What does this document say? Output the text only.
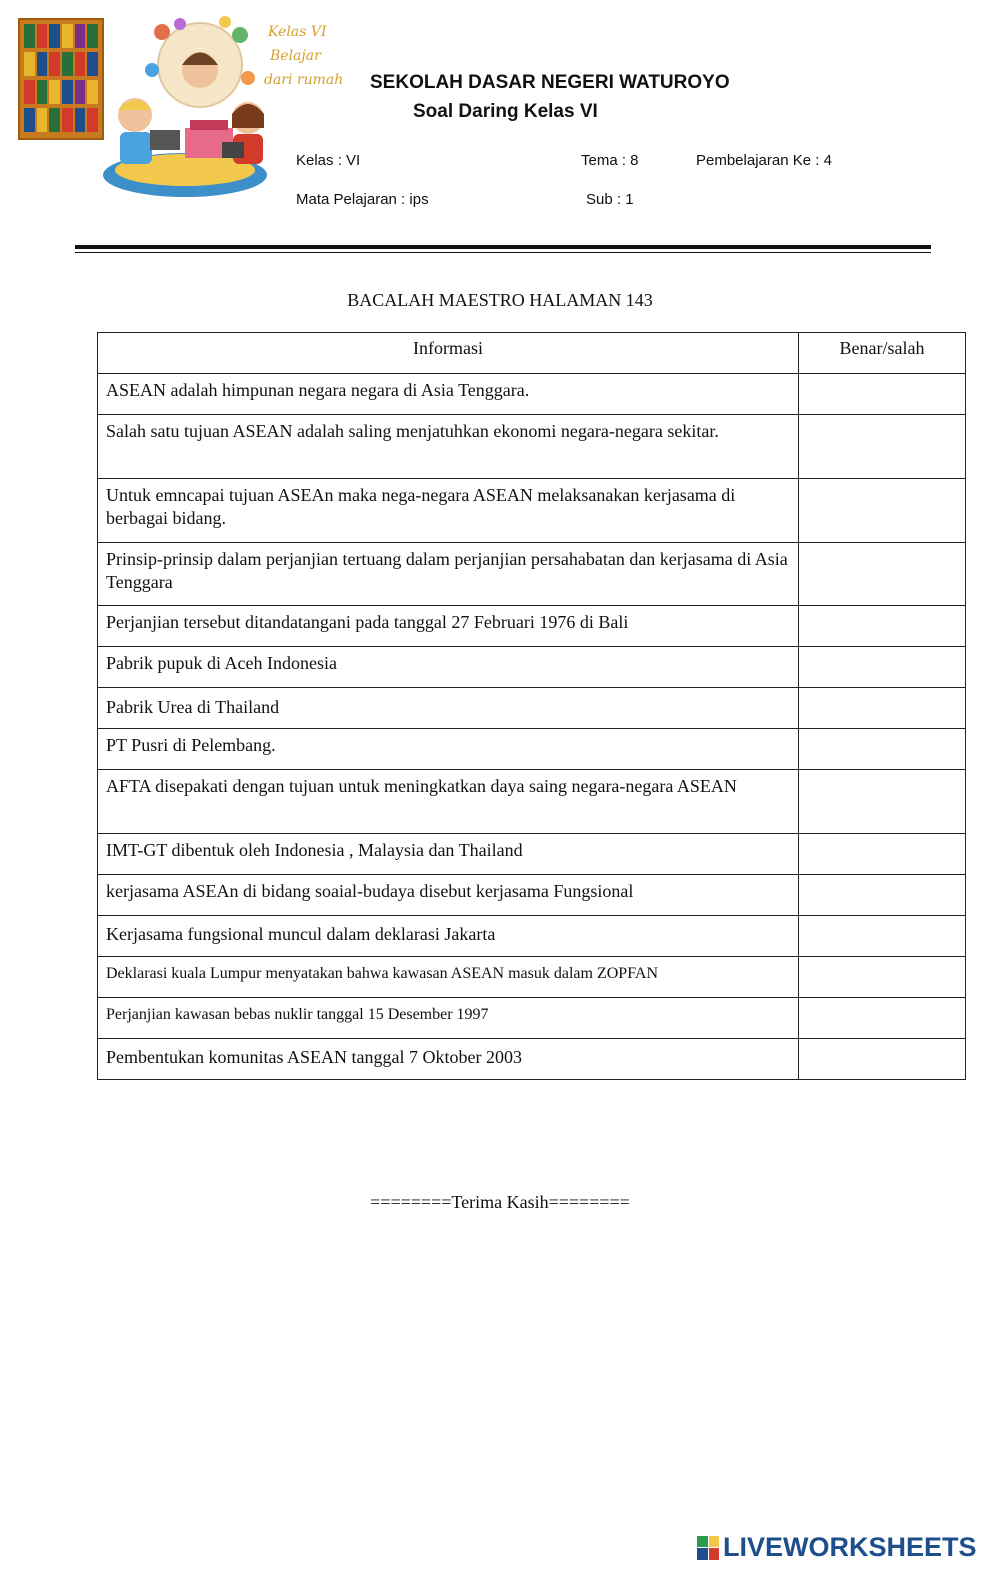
Kelas VI
Belajar
dari rumah SEKOLAH DASAR NEGERI WATUROYO
Soal Daring Kelas VI
Kelas : VI	Tema : 8	Pembelajaran Ke : 4
Mata Pelajaran : ips	Sub : 1
BACALAH MAESTRO HALAMAN 143
Informasi	Benar/salah
ASEAN adalah himpunan negara negara di Asia Tenggara.	
Salah satu tujuan ASEAN adalah saling menjatuhkan ekonomi negara-negara sekitar.	
Untuk emncapai tujuan ASEAn maka nega-negara ASEAN melaksanakan kerjasama di berbagai bidang.	
Prinsip-prinsip dalam perjanjian tertuang dalam perjanjian persahabatan dan kerjasama di Asia Tenggara	
Perjanjian tersebut ditandatangani pada tanggal 27 Februari 1976 di Bali	
Pabrik pupuk di Aceh Indonesia	
Pabrik Urea di Thailand	
PT Pusri di Pelembang.	
AFTA disepakati dengan tujuan untuk meningkatkan daya saing negara-negara ASEAN	
IMT-GT dibentuk oleh Indonesia , Malaysia dan Thailand	
kerjasama ASEAn di bidang soaial-budaya disebut kerjasama Fungsional	
Kerjasama fungsional muncul dalam deklarasi Jakarta	
Deklarasi kuala Lumpur menyatakan bahwa kawasan ASEAN masuk dalam ZOPFAN	
Perjanjian kawasan bebas nuklir tanggal 15 Desember 1997	
Pembentukan komunitas ASEAN tanggal 7 Oktober 2003	
========Terima Kasih========
LIVEWORKSHEETS
